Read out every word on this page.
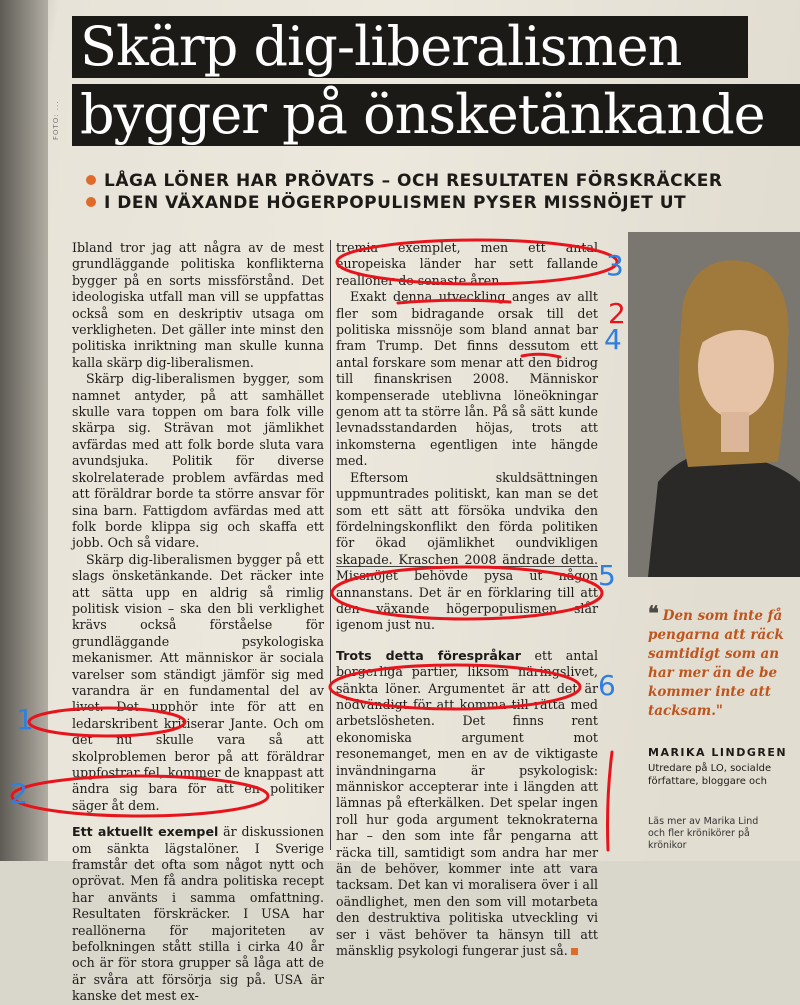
FOTO: ...
Skärp dig-liberalismen
bygger på önsketänkande
LÅGA LÖNER HAR PRÖVATS – OCH RESULTATEN FÖRSKRÄCKER
I DEN VÄXANDE HÖGERPOPULISMEN PYSER MISSNÖJET UT

Ibland tror jag att några av de mest grundläggande politiska konflikterna bygger på en sorts missförstånd. Det ideologiska utfall man vill se uppfattas också som en deskriptiv utsaga om verkligheten. Det gäller inte minst den politiska inriktning man skulle kunna kalla skärp dig-liberalismen.

Skärp dig-liberalismen bygger, som namnet antyder, på att samhället skulle vara toppen om bara folk ville skärpa sig. Strävan mot jämlikhet avfärdas med att folk borde sluta vara avundsjuka. Politik för diverse skolrelaterade problem avfärdas med att föräldrar borde ta större ansvar för sina barn. Fattigdom avfärdas med att folk borde klippa sig och skaffa ett jobb. Och så vidare.

Skärp dig-liberalismen bygger på ett slags önsketänkande. Det räcker inte att sätta upp en aldrig så rimlig politisk vision – ska den bli verklighet krävs också förståelse för grundläggande psykologiska mekanismer. Att människor är sociala varelser som ständigt jämför sig med varandra är en fundamental del av livet. Det upphör inte för att en ledarskribent kritiserar Jante. Och om det nu skulle vara så att skolproblemen beror på att föräldrar uppfostrar fel, kommer de knappast att ändra sig bara för att en politiker säger åt dem.

Ett aktuellt exempel är diskussionen om sänkta lägstalöner. I Sverige framstår det ofta som något nytt och oprövat. Men få andra politiska recept har använts i samma omfattning. Resultaten förskräcker. I USA har reallönerna för majoriteten av befolkningen stått stilla i cirka 40 år och är för stora grupper så låga att de är svåra att försörja sig på. USA är kanske det mest ex-

tremia exemplet, men ett antal europeiska länder har sett fallande reallöner de senaste åren.

Exakt denna utveckling anges av allt fler som bidragande orsak till det politiska missnöje som bland annat bar fram Trump. Det finns dessutom ett antal forskare som menar att den bidrog till finanskrisen 2008. Människor kompenserade uteblivna löneökningar genom att ta större lån. På så sätt kunde levnadsstandarden höjas, trots att inkomsterna egentligen inte hängde med.

Eftersom skuldsättningen uppmuntrades politiskt, kan man se det som ett sätt att försöka undvika den fördelningskonflikt den förda politiken för ökad ojämlikhet oundvikligen skapade. Kraschen 2008 ändrade detta. Missnöjet behövde pysa ut någon annanstans. Det är en förklaring till att den växande högerpopulismen slår igenom just nu.

Trots detta förespråkar ett antal borgerliga partier, liksom näringslivet, sänkta löner. Argumentet är att det är nödvändigt för att komma till rätta med arbetslösheten. Det finns rent ekonomiska argument mot resonemanget, men en av de viktigaste invändningarna är psykologisk: människor accepterar inte i längden att lämnas på efterkälken. Det spelar ingen roll hur goda argument teknokraterna har – den som inte får pengarna att räcka till, samtidigt som andra har mer än de behöver, kommer inte att vara tacksam. Det kan vi moralisera över i all oändlighet, men den som vill motarbeta den destruktiva politiska utveckling vi ser i väst behöver ta hänsyn till att mänsklig psykologi fungerar just så.

❝ Den som inte få
pengarna att räck
samtidigt som an
har mer än de be
kommer inte att
tacksam."
MARIKA LINDGREN
Utredare på LO, socialde
författare, bloggare och
Läs mer av Marika Lind
och fler krönikörer på
krönikor
3
2
4
5
6
1
2
